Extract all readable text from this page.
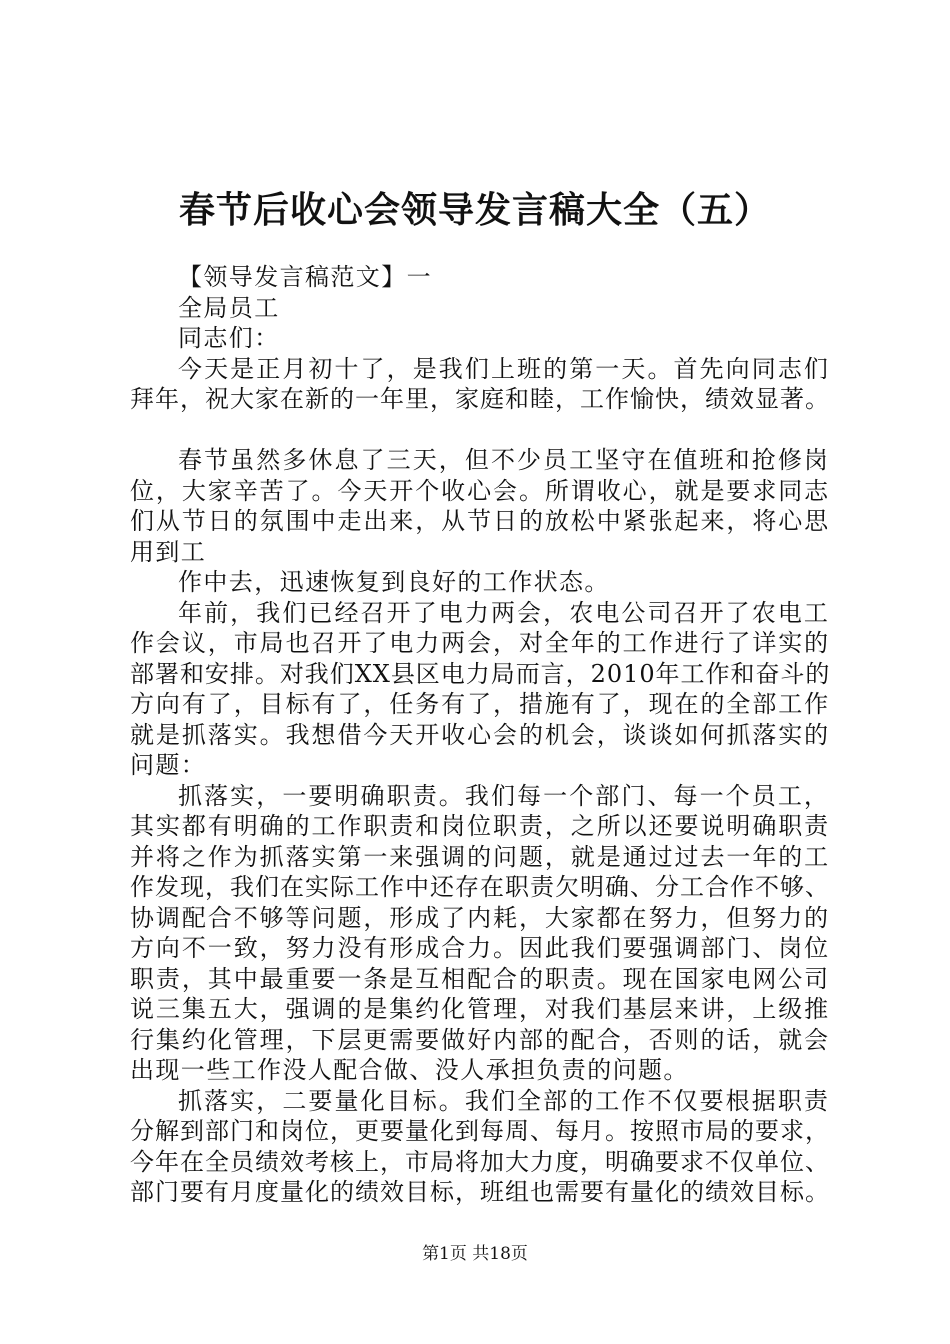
春节后收心会领导发言稿大全（五）
【领导发言稿范文】一
全局员工
同志们：
今天是正月初十了，是我们上班的第一天。首先向同志们
拜年，祝大家在新的一年里，家庭和睦，工作愉快，绩效显著。
春节虽然多休息了三天，但不少员工坚守在值班和抢修岗
位，大家辛苦了。今天开个收心会。所谓收心，就是要求同志
们从节日的氛围中走出来，从节日的放松中紧张起来，将心思
用到工
作中去，迅速恢复到良好的工作状态。
年前，我们已经召开了电力两会，农电公司召开了农电工
作会议，市局也召开了电力两会，对全年的工作进行了详实的
部署和安排。对我们XX县区电力局而言，2010年工作和奋斗的
方向有了，目标有了，任务有了，措施有了，现在的全部工作
就是抓落实。我想借今天开收心会的机会，谈谈如何抓落实的
问题：
抓落实，一要明确职责。我们每一个部门、每一个员工，
其实都有明确的工作职责和岗位职责，之所以还要说明确职责
并将之作为抓落实第一来强调的问题，就是通过过去一年的工
作发现，我们在实际工作中还存在职责欠明确、分工合作不够、
协调配合不够等问题，形成了内耗，大家都在努力，但努力的
方向不一致，努力没有形成合力。因此我们要强调部门、岗位
职责，其中最重要一条是互相配合的职责。现在国家电网公司
说三集五大，强调的是集约化管理，对我们基层来讲，上级推
行集约化管理，下层更需要做好内部的配合，否则的话，就会
出现一些工作没人配合做、没人承担负责的问题。
抓落实，二要量化目标。我们全部的工作不仅要根据职责
分解到部门和岗位，更要量化到每周、每月。按照市局的要求，
今年在全员绩效考核上，市局将加大力度，明确要求不仅单位、
部门要有月度量化的绩效目标，班组也需要有量化的绩效目标。
第1页 共18页
